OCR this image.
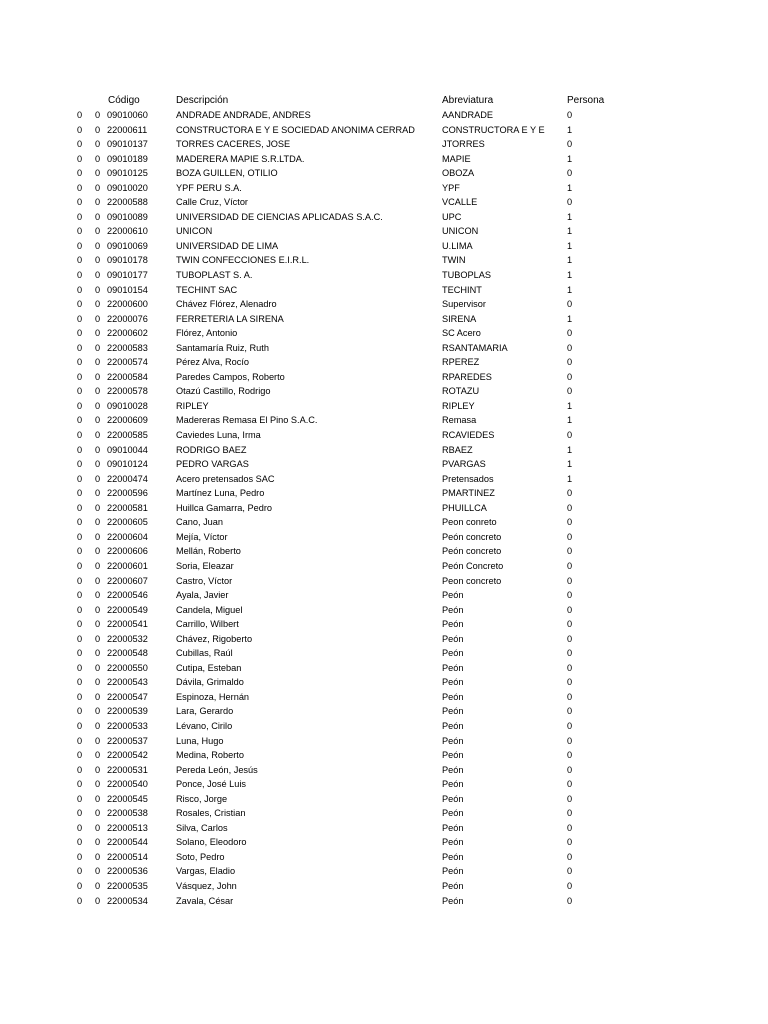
Código	Descripción	Abreviatura	Persona
0	0 09010060	ANDRADE ANDRADE, ANDRES	AANDRADE	0
0	0 22000611	CONSTRUCTORA E Y E SOCIEDAD ANONIMA CERRAD	CONSTRUCTORA E Y E	1
0	0 09010137	TORRES CACERES, JOSE	JTORRES	0
0	0 09010189	MADERERA MAPIE S.R.LTDA.	MAPIE	1
0	0 09010125	BOZA GUILLEN, OTILIO	OBOZA	0
0	0 09010020	YPF PERU S.A.	YPF	1
0	0 22000588	Calle Cruz, Víctor	VCALLE	0
0	0 09010089	UNIVERSIDAD DE CIENCIAS APLICADAS S.A.C.	UPC	1
0	0 22000610	UNICON	UNICON	1
0	0 09010069	UNIVERSIDAD DE LIMA	U.LIMA	1
0	0 09010178	TWIN CONFECCIONES E.I.R.L.	TWIN	1
0	0 09010177	TUBOPLAST S. A.	TUBOPLAS	1
0	0 09010154	TECHINT SAC	TECHINT	1
0	0 22000600	Chávez Flórez, Alenadro	Supervisor	0
0	0 22000076	FERRETERIA LA SIRENA	SIRENA	1
0	0 22000602	Flórez, Antonio	SC Acero	0
0	0 22000583	Santamaría Ruiz, Ruth	RSANTAMARIA	0
0	0 22000574	Pérez Alva, Rocío	RPEREZ	0
0	0 22000584	Paredes Campos, Roberto	RPAREDES	0
0	0 22000578	Otazú Castillo, Rodrigo	ROTAZU	0
0	0 09010028	RIPLEY	RIPLEY	1
0	0 22000609	Madereras Remasa El Pino S.A.C.	Remasa	1
0	0 22000585	Caviedes Luna, Irma	RCAVIEDES	0
0	0 09010044	RODRIGO BAEZ	RBAEZ	1
0	0 09010124	PEDRO VARGAS	PVARGAS	1
0	0 22000474	Acero pretensados SAC	Pretensados	1
0	0 22000596	Martínez Luna, Pedro	PMARTINEZ	0
0	0 22000581	Huillca Gamarra, Pedro	PHUILLCA	0
0	0 22000605	Cano, Juan	Peon conreto	0
0	0 22000604	Mejía, Víctor	Peón concreto	0
0	0 22000606	Mellán, Roberto	Peón concreto	0
0	0 22000601	Soria, Eleazar	Peón Concreto	0
0	0 22000607	Castro, Víctor	Peon concreto	0
0	0 22000546	Ayala, Javier	Peón	0
0	0 22000549	Candela, Miguel	Peón	0
0	0 22000541	Carrillo, Wilbert	Peón	0
0	0 22000532	Chávez, Rigoberto	Peón	0
0	0 22000548	Cubillas, Raúl	Peón	0
0	0 22000550	Cutipa, Esteban	Peón	0
0	0 22000543	Dávila, Grimaldo	Peón	0
0	0 22000547	Espinoza, Hernán	Peón	0
0	0 22000539	Lara, Gerardo	Peón	0
0	0 22000533	Lévano, Cirilo	Peón	0
0	0 22000537	Luna, Hugo	Peón	0
0	0 22000542	Medina, Roberto	Peón	0
0	0 22000531	Pereda León, Jesús	Peón	0
0	0 22000540	Ponce, José Luis	Peón	0
0	0 22000545	Risco, Jorge	Peón	0
0	0 22000538	Rosales, Cristian	Peón	0
0	0 22000513	Silva, Carlos	Peón	0
0	0 22000544	Solano, Eleodoro	Peón	0
0	0 22000514	Soto, Pedro	Peón	0
0	0 22000536	Vargas, Eladio	Peón	0
0	0 22000535	Vásquez, John	Peón	0
0	0 22000534	Zavala, César	Peón	0
